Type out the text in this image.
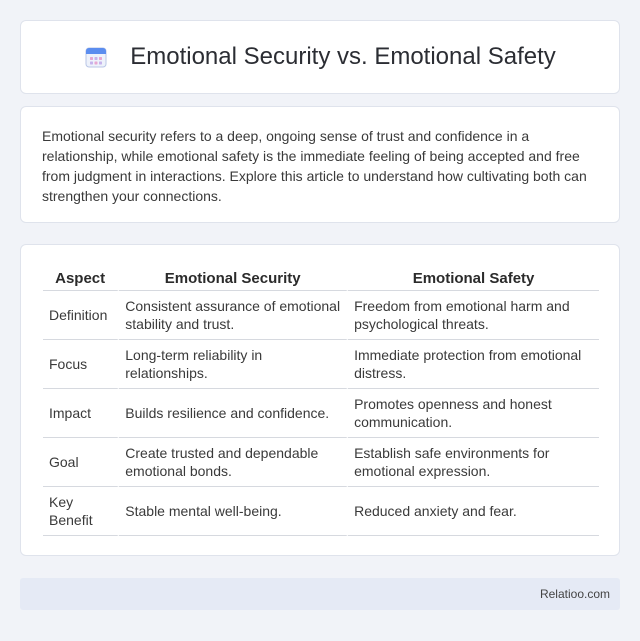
Emotional Security vs. Emotional Safety

Emotional security refers to a deep, ongoing sense of trust and confidence in a relationship, while emotional safety is the immediate feeling of being accepted and free from judgment in interactions. Explore this article to understand how cultivating both can strengthen your connections.

Aspect	Emotional Security	Emotional Safety
Definition	Consistent assurance of emotional stability and trust.	Freedom from emotional harm and psychological threats.
Focus	Long-term reliability in relationships.	Immediate protection from emotional distress.
Impact	Builds resilience and confidence.	Promotes openness and honest communication.
Goal	Create trusted and dependable emotional bonds.	Establish safe environments for emotional expression.
Key Benefit	Stable mental well-being.	Reduced anxiety and fear.
Relatioo.com
